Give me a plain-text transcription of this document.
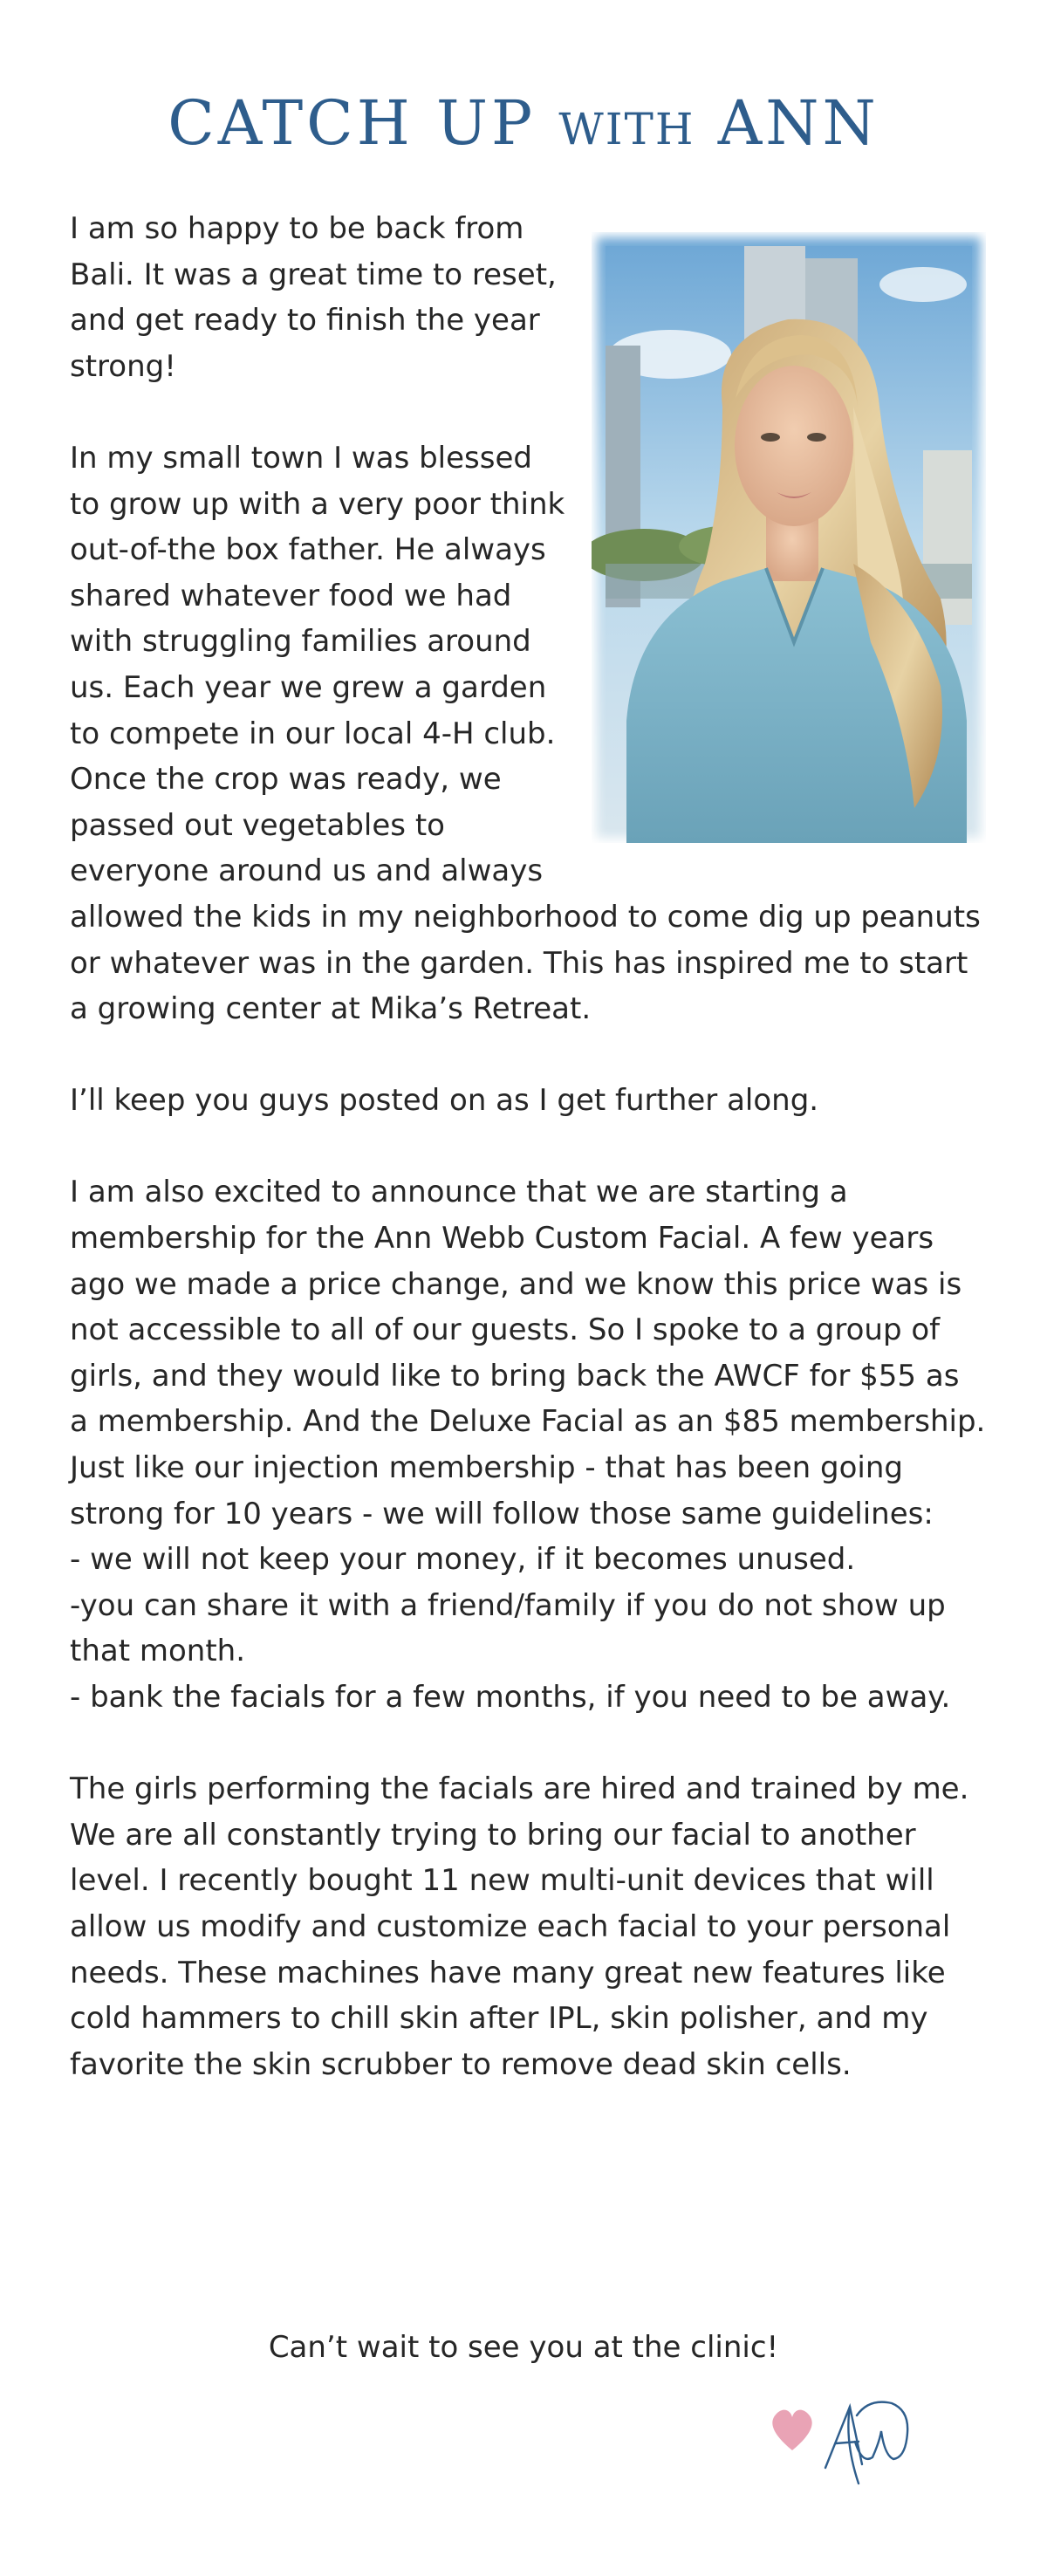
CATCH UP WITH ANN

I am so happy to be back from Bali. It was a great time to reset, and get ready to finish the year strong!

In my small town I was blessed to grow up with a very poor think out-of-the box father. He always shared whatever food we had with struggling families around us. Each year we grew a garden to compete in our local 4-H club. Once the crop was ready, we passed out vegetables to everyone around us and always allowed the kids in my neighborhood to come dig up peanuts or whatever was in the garden. This has inspired me to start a growing center at Mika’s Retreat.

I’ll keep you guys posted on as I get further along.

I am also excited to announce that we are starting a membership for the Ann Webb Custom Facial. A few years ago we made a price change, and we know this price was is not accessible to all of our guests. So I spoke to a group of girls, and they would like to bring back the AWCF for $55 as a membership. And the Deluxe Facial as an $85 membership.
Just like our injection membership - that has been going strong for 10 years - we will follow those same guidelines:
- we will not keep your money, if it becomes unused.
-you can share it with a friend/family if you do not show up that month.
- bank the facials for a few months, if you need to be away.

The girls performing the facials are hired and trained by me. We are all constantly trying to bring our facial to another level. I recently bought 11 new multi-unit devices that will allow us modify and customize each facial to your personal needs. These machines have many great new features like cold hammers to chill skin after IPL, skin polisher, and my favorite the skin scrubber to remove dead skin cells.

Can’t wait to see you at the clinic!
